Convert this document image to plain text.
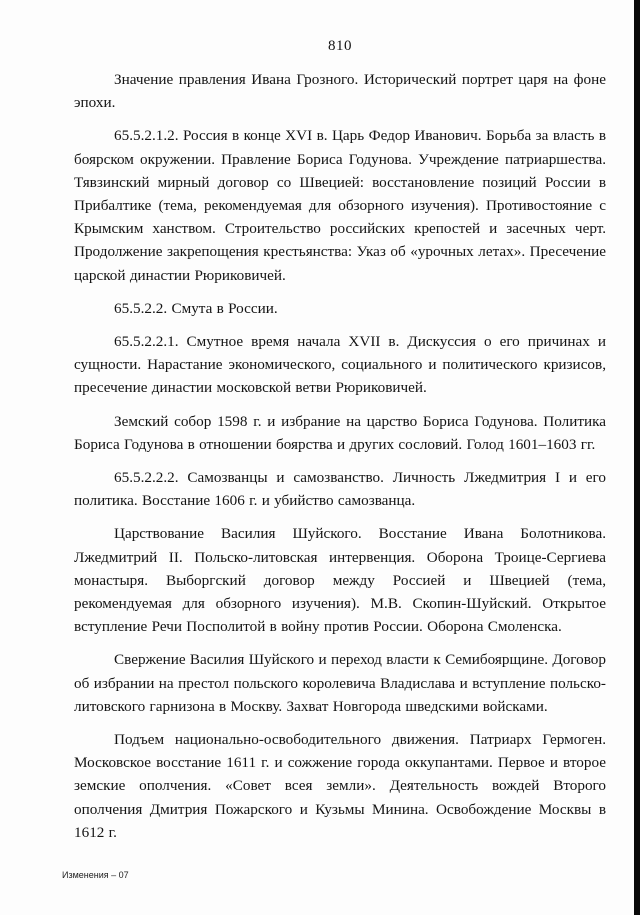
810

Значение правления Ивана Грозного. Исторический портрет царя на фоне эпохи.

65.5.2.1.2. Россия в конце XVI в. Царь Федор Иванович. Борьба за власть в боярском окружении. Правление Бориса Годунова. Учреждение патриаршества. Тявзинский мирный договор со Швецией: восстановление позиций России в Прибалтике (тема, рекомендуемая для обзорного изучения). Противостояние с Крымским ханством. Строительство российских крепостей и засечных черт. Продолжение закрепощения крестьянства: Указ об «урочных летах». Пресечение царской династии Рюриковичей.

65.5.2.2. Смута в России.

65.5.2.2.1. Смутное время начала XVII в. Дискуссия о его причинах и сущности. Нарастание экономического, социального и политического кризисов, пресечение династии московской ветви Рюриковичей.

Земский собор 1598 г. и избрание на царство Бориса Годунова. Политика Бориса Годунова в отношении боярства и других сословий. Голод 1601–1603 гг.

65.5.2.2.2. Самозванцы и самозванство. Личность Лжедмитрия I и его политика. Восстание 1606 г. и убийство самозванца.

Царствование Василия Шуйского. Восстание Ивана Болотникова. Лжедмитрий II. Польско-литовская интервенция. Оборона Троице-Сергиева монастыря. Выборгский договор между Россией и Швецией (тема, рекомендуемая для обзорного изучения). М.В. Скопин-Шуйский. Открытое вступление Речи Посполитой в войну против России. Оборона Смоленска.

Свержение Василия Шуйского и переход власти к Семибоярщине. Договор об избрании на престол польского королевича Владислава и вступление польско-литовского гарнизона в Москву. Захват Новгорода шведскими войсками.

Подъем национально-освободительного движения. Патриарх Гермоген. Московское восстание 1611 г. и сожжение города оккупантами. Первое и второе земские ополчения. «Совет всея земли». Деятельность вождей Второго ополчения Дмитрия Пожарского и Кузьмы Минина. Освобождение Москвы в 1612 г.

Изменения – 07
